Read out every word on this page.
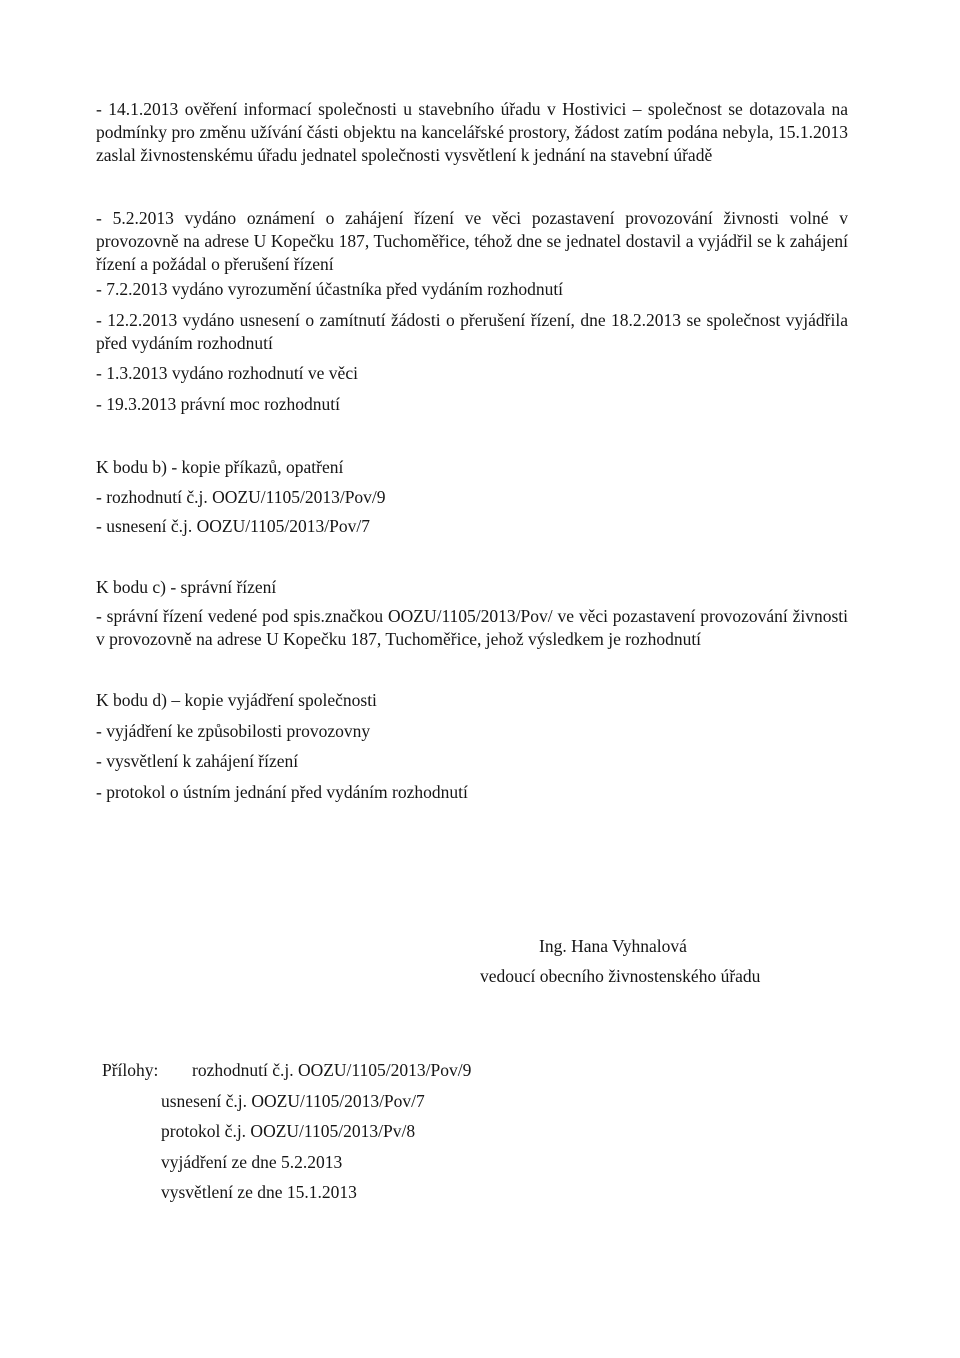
- 14.1.2013 ověření informací společnosti u stavebního úřadu v Hostivici – společnost se dotazovala na podmínky pro změnu užívání části objektu na kancelářské prostory, žádost zatím podána nebyla, 15.1.2013 zaslal živnostenskému úřadu jednatel společnosti vysvětlení k jednání na stavební úřadě
- 5.2.2013 vydáno oznámení o zahájení řízení ve věci pozastavení provozování živnosti volné v provozovně na adrese U Kopečku 187, Tuchoměřice, téhož dne se jednatel dostavil a vyjádřil se k zahájení řízení a požádal o přerušení řízení
- 7.2.2013 vydáno vyrozumění účastníka před vydáním rozhodnutí
- 12.2.2013 vydáno usnesení o zamítnutí žádosti o přerušení řízení, dne 18.2.2013 se společnost vyjádřila před vydáním rozhodnutí
- 1.3.2013 vydáno rozhodnutí ve věci
- 19.3.2013 právní moc rozhodnutí
K bodu b) - kopie příkazů, opatření
- rozhodnutí č.j. OOZU/1105/2013/Pov/9
- usnesení č.j. OOZU/1105/2013/Pov/7
K bodu c) - správní řízení
- správní řízení vedené pod spis.značkou OOZU/1105/2013/Pov/ ve věci pozastavení provozování živnosti v provozovně na adrese U Kopečku 187, Tuchoměřice, jehož výsledkem je rozhodnutí
K bodu d) – kopie vyjádření společnosti
- vyjádření ke způsobilosti provozovny
- vysvětlení k zahájení řízení
- protokol o ústním jednání před vydáním rozhodnutí
Ing. Hana Vyhnalová
vedoucí obecního živnostenského úřadu
Přílohy: rozhodnutí č.j. OOZU/1105/2013/Pov/9
usnesení č.j. OOZU/1105/2013/Pov/7
protokol č.j. OOZU/1105/2013/Pv/8
vyjádření ze dne 5.2.2013
vysvětlení ze dne 15.1.2013
